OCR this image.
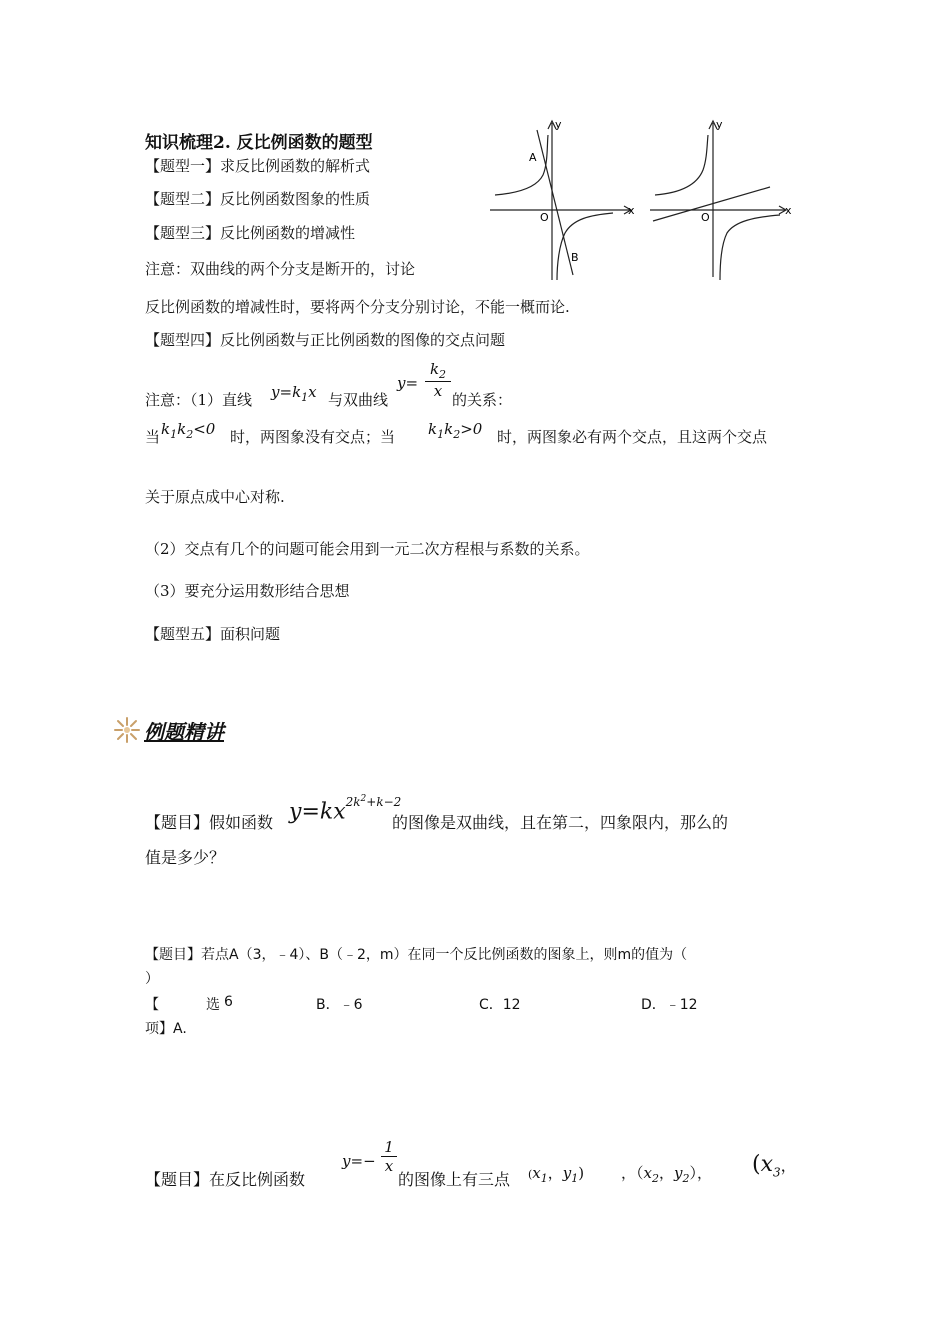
知识梳理2. 反比例函数的题型
【题型一】求反比例函数的解析式
【题型二】反比例函数图象的性质
【题型三】反比例函数的增减性
注意：双曲线的两个分支是断开的，讨论
反比例函数的增减性时，要将两个分支分别讨论，不能一概而论.
【题型四】反比例函数与正比例函数的图像的交点问题
y
x
O
A
B
y
x
O
注意：（1）直线 $y=k_1x$ 与双曲线
$y= \frac{k_2}{x}$ 的关系：
当 $k_1k_2<0$ 时，两图象没有交点；当 $k_1k_2>0$ 时，两图象必有两个交点，且这两个交点
关于原点成中心对称.
（2）交点有几个的问题可能会用到一元二次方程根与系数的关系。
（3）要充分运用数形结合思想
【题型五】面积问题
例题精讲
【题目】假如函数 $y=kx^{2k^2+k-2}$
的图像是双曲线，且在第二，四象限内，那么的
值是多少？
【题目】若点A（3，﹣4）、B（﹣2，m）在同一个反比例函数的图象上，则m的值为（
）
【	选 6	B．﹣6	C．12	D．﹣12
项】A.
【题目】在反比例函数
$y=- \frac{1}{x}$
的图像上有三点 ($x_1$，$y_1$) ，（$x_2$，$y_2$）， ($x_3$，
